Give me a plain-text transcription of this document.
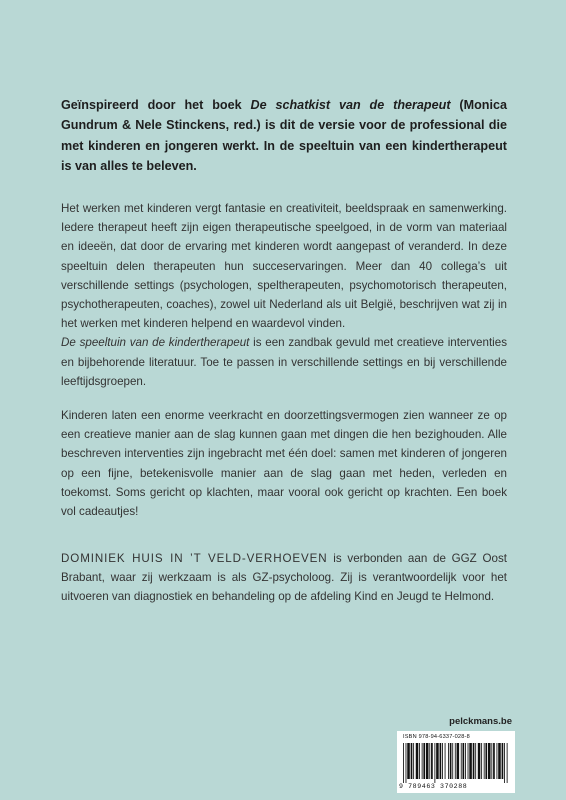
Geïnspireerd door het boek De schatkist van de therapeut (Monica Gundrum & Nele Stinckens, red.) is dit de versie voor de professional die met kinderen en jongeren werkt. In de speeltuin van een kindertherapeut is van alles te beleven.

Het werken met kinderen vergt fantasie en creativiteit, beeldspraak en samenwerking. Iedere therapeut heeft zijn eigen therapeutische speelgoed, in de vorm van materiaal en ideeën, dat door de ervaring met kinderen wordt aangepast of veranderd. In deze speeltuin delen therapeuten hun succeservaringen. Meer dan 40 collega’s uit verschillende settings (psychologen, speltherapeuten, psychomotorisch therapeuten, psychotherapeuten, coaches), zowel uit Nederland als uit België, beschrijven wat zij in het werken met kinderen helpend en waardevol vinden.
De speeltuin van de kindertherapeut is een zandbak gevuld met creatieve interventies en bijbehorende literatuur. Toe te passen in verschillende settings en bij verschillende leeftijdsgroepen.

Kinderen laten een enorme veerkracht en doorzettingsvermogen zien wanneer ze op een creatieve manier aan de slag kunnen gaan met dingen die hen bezighouden. Alle beschreven interventies zijn ingebracht met één doel: samen met kinderen of jongeren op een fijne, betekenisvolle manier aan de slag gaan met heden, verleden en toekomst. Soms gericht op klachten, maar vooral ook gericht op krachten. Een boek vol cadeautjes!

DOMINIEK HUIS IN ’T VELD-VERHOEVEN is verbonden aan de GGZ Oost Brabant, waar zij werkzaam is als GZ-psycholoog. Zij is verantwoordelijk voor het uitvoeren van diagnostiek en behandeling op de afdeling Kind en Jeugd te Helmond.

pelckmans.be
ISBN 978-94-6337-028-8
9 789463 370288
